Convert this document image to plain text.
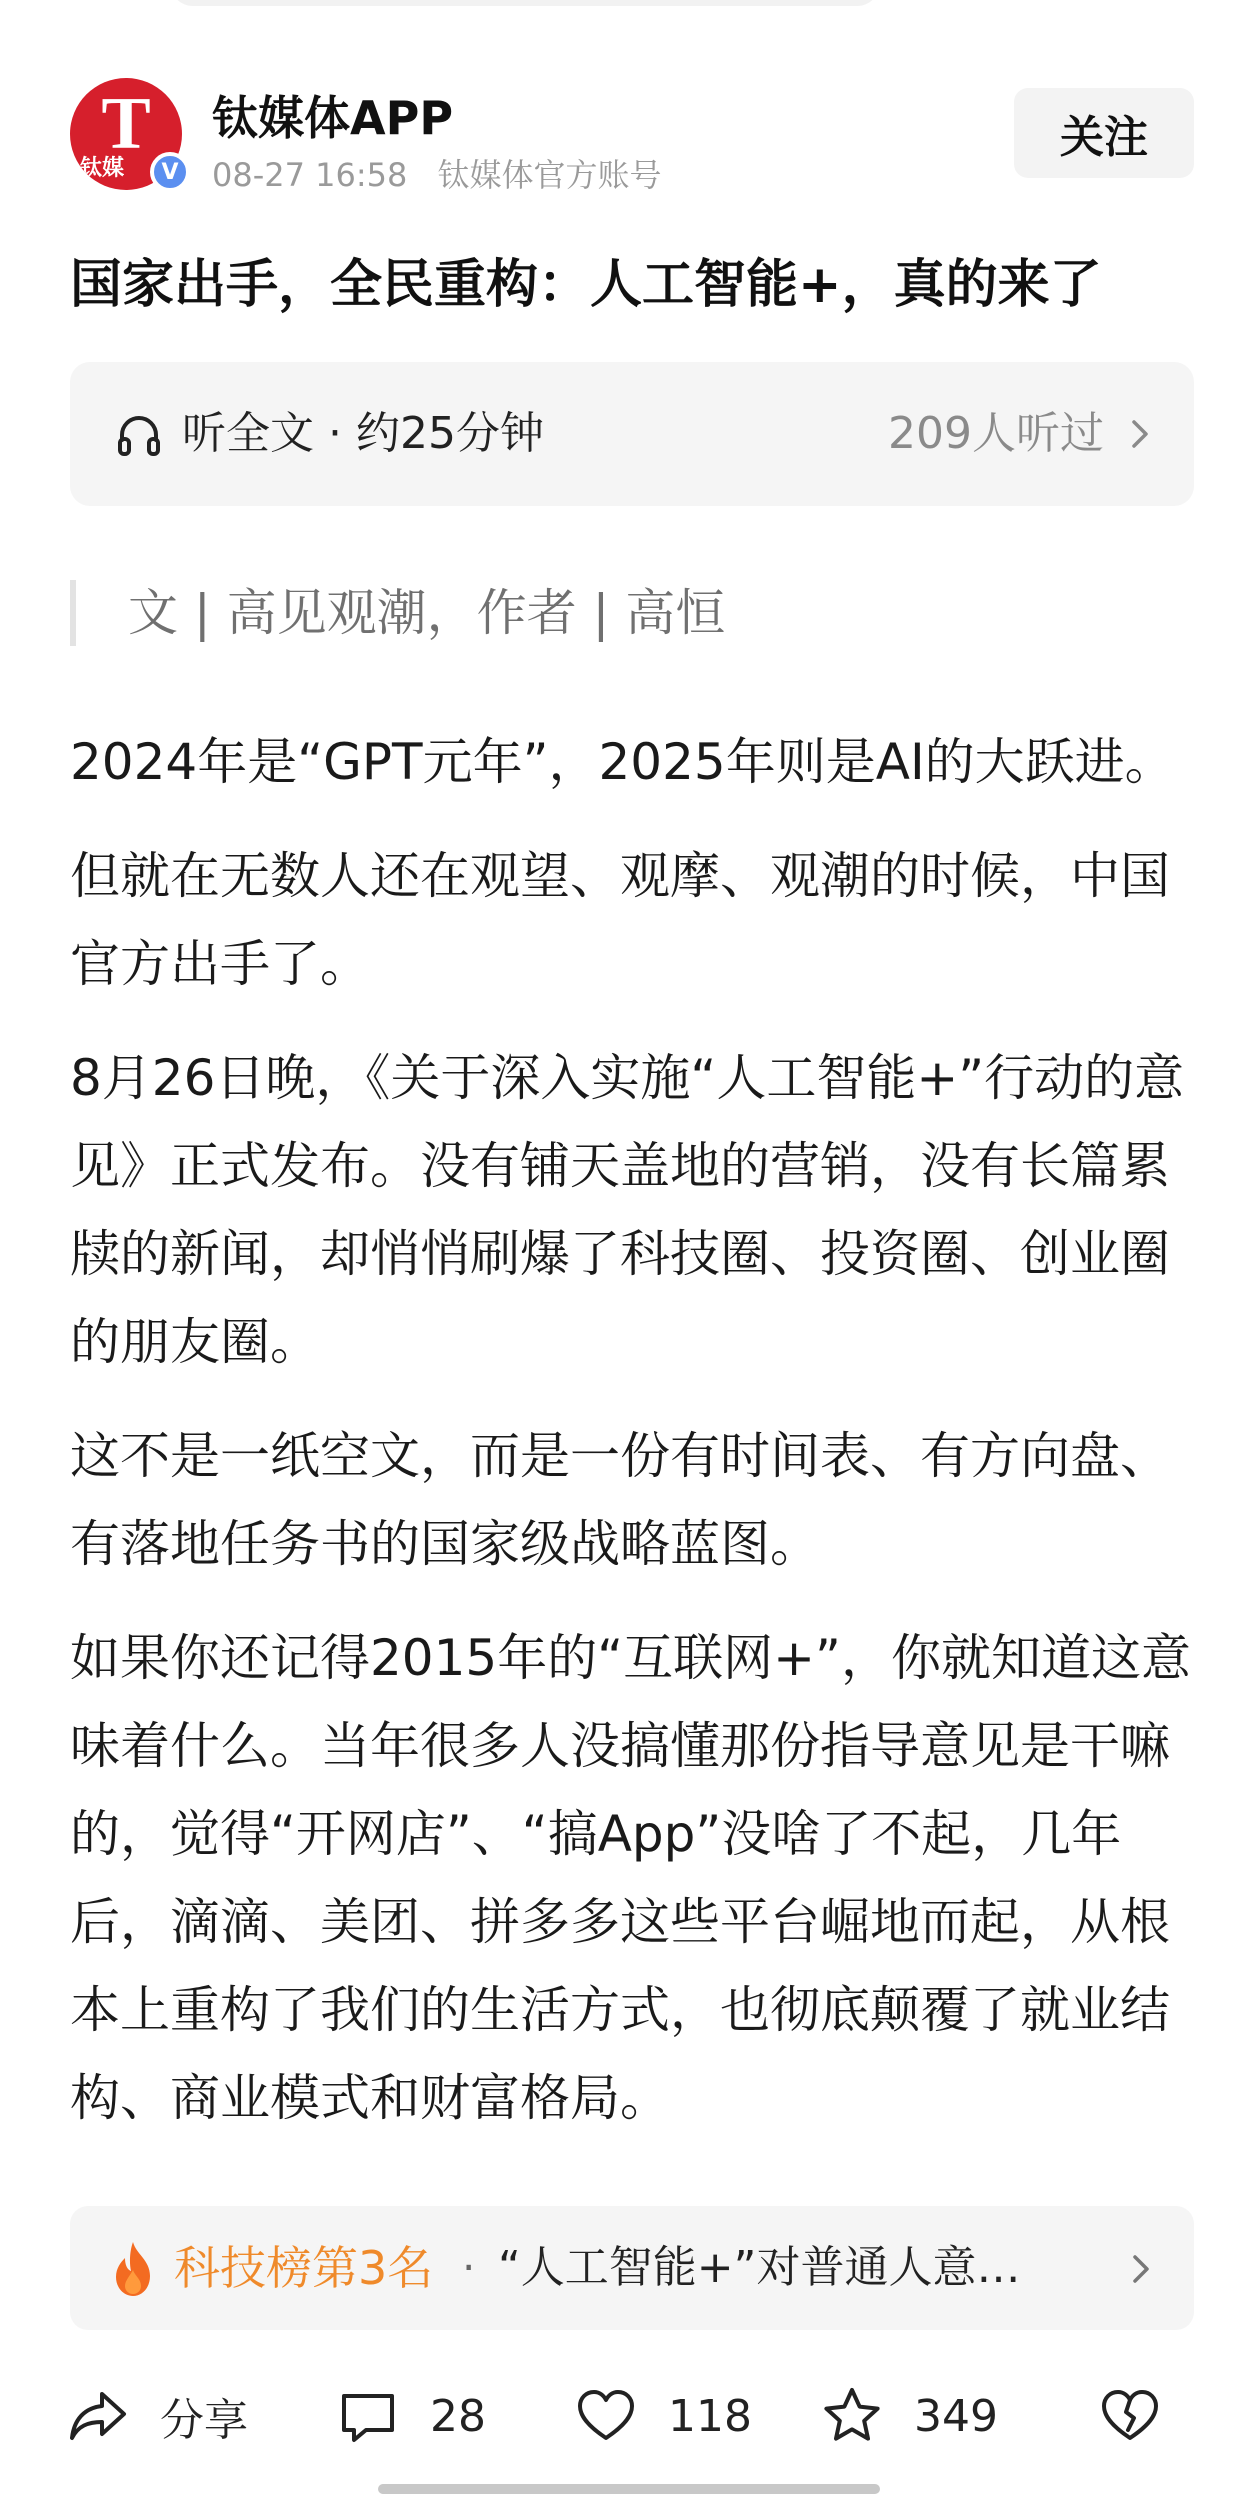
T
钛媒	V
钛媒体APP
08-27 16:58 钛媒体官方账号
关注
国家出手，全民重构：人工智能+，真的来了
听全文 · 约25分钟	209人听过
文 | 高见观潮，作者 | 高恒

2024年是“GPT元年”，2025年则是AI的大跃进。

但就在无数人还在观望、观摩、观潮的时候，中国官方出手了。

8月26日晚，《关于深入实施“人工智能+”行动的意见》正式发布。没有铺天盖地的营销，没有长篇累牍的新闻，却悄悄刷爆了科技圈、投资圈、创业圈的朋友圈。

这不是一纸空文，而是一份有时间表、有方向盘、有落地任务书的国家级战略蓝图。

如果你还记得2015年的“互联网+”，你就知道这意味着什么。当年很多人没搞懂那份指导意见是干嘛的，觉得“开网店”、“搞App”没啥了不起，几年后，滴滴、美团、拼多多这些平台崛地而起，从根本上重构了我们的生活方式，也彻底颠覆了就业结构、商业模式和财富格局。

科技榜第3名 · “人工智能+”对普通人意…
分享	28	118	349
